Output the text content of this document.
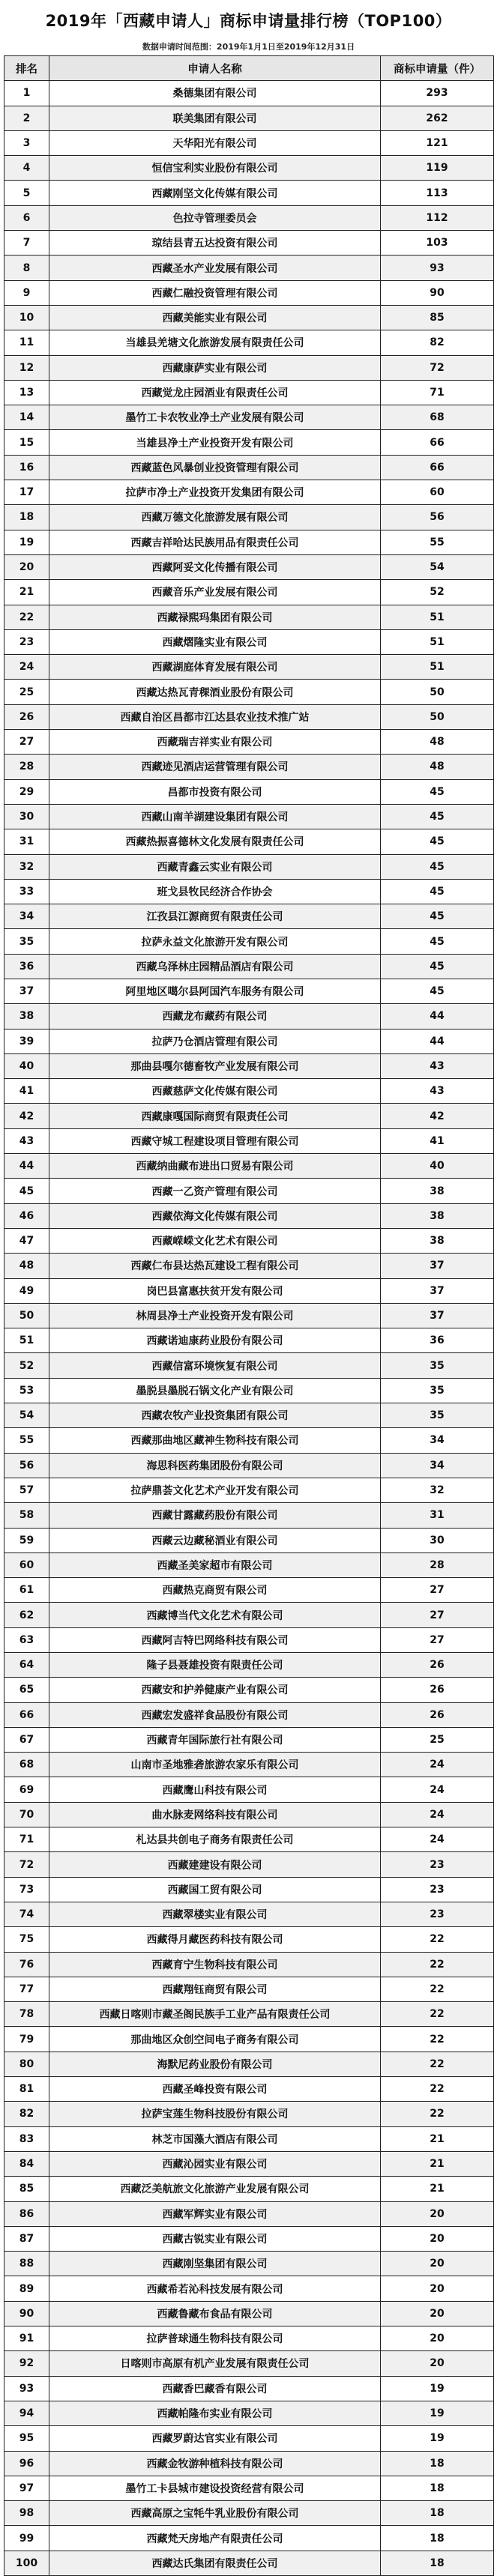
2019年「西藏申请人」商标申请量排行榜（TOP100）
数据申请时间范围：2019年1月1日至2019年12月31日
排名	申请人名称	商标申请量（件）
1	桑德集团有限公司	293
2	联美集团有限公司	262
3	天华阳光有限公司	121
4	恒信宝利实业股份有限公司	119
5	西藏刚坚文化传媒有限公司	113
6	色拉寺管理委员会	112
7	琼结县青五达投资有限公司	103
8	西藏圣水产业发展有限公司	93
9	西藏仁融投资管理有限公司	90
10	西藏美能实业有限公司	85
11	当雄县羌塘文化旅游发展有限责任公司	82
12	西藏康萨实业有限公司	72
13	西藏觉龙庄园酒业有限责任公司	71
14	墨竹工卡农牧业净土产业发展有限公司	68
15	当雄县净土产业投资开发有限公司	66
16	西藏蓝色风暴创业投资管理有限公司	66
17	拉萨市净土产业投资开发集团有限公司	60
18	西藏万德文化旅游发展有限公司	56
19	西藏吉祥哈达民族用品有限责任公司	55
20	西藏阿妥文化传播有限公司	54
21	西藏音乐产业发展有限公司	52
22	西藏禄熙玛集团有限公司	51
23	西藏熠隆实业有限公司	51
24	西藏湖庭体育发展有限公司	51
25	西藏达热瓦青稞酒业股份有限公司	50
26	西藏自治区昌都市江达县农业技术推广站	50
27	西藏瑞吉祥实业有限公司	48
28	西藏迹见酒店运营管理有限公司	48
29	昌都市投资有限公司	45
30	西藏山南羊湖建设集团有限公司	45
31	西藏热振喜德林文化发展有限责任公司	45
32	西藏青鑫云实业有限公司	45
33	班戈县牧民经济合作协会	45
34	江孜县江源商贸有限责任公司	45
35	拉萨永益文化旅游开发有限公司	45
36	西藏乌泽林庄园精品酒店有限公司	45
37	阿里地区噶尔县阿国汽车服务有限公司	45
38	西藏龙布藏药有限公司	44
39	拉萨乃仓酒店管理有限公司	44
40	那曲县嘎尔德畜牧产业发展有限公司	43
41	西藏慈萨文化传媒有限公司	43
42	西藏康嘎国际商贸有限责任公司	42
43	西藏守城工程建设项目管理有限公司	41
44	西藏纳曲藏布进出口贸易有限公司	40
45	西藏一乙资产管理有限公司	38
46	西藏依海文化传媒有限公司	38
47	西藏嵘嵘文化艺术有限公司	38
48	西藏仁布县达热瓦建设工程有限公司	37
49	岗巴县富惠扶贫开发有限公司	37
50	林周县净土产业投资开发有限公司	37
51	西藏诺迪康药业股份有限公司	36
52	西藏信富环境恢复有限公司	35
53	墨脱县墨脱石锅文化产业有限公司	35
54	西藏农牧产业投资集团有限公司	35
55	西藏那曲地区藏神生物科技有限公司	34
56	海思科医药集团股份有限公司	34
57	拉萨鼎荟文化艺术产业开发有限公司	32
58	西藏甘露藏药股份有限公司	31
59	西藏云边藏秘酒业有限公司	30
60	西藏圣美家超市有限公司	28
61	西藏热克商贸有限公司	27
62	西藏博当代文化艺术有限公司	27
63	西藏阿吉特巴网络科技有限公司	27
64	隆子县聂雄投资有限责任公司	26
65	西藏安和护养健康产业有限公司	26
66	西藏宏发盛祥食品股份有限公司	26
67	西藏青年国际旅行社有限公司	25
68	山南市圣地雅砻旅游农家乐有限公司	24
69	西藏鹰山科技有限公司	24
70	曲水脉麦网络科技有限公司	24
71	札达县共创电子商务有限责任公司	24
72	西藏建建设有限公司	23
73	西藏国工贸有限公司	23
74	西藏翠楼实业有限公司	23
75	西藏得月藏医药科技有限公司	22
76	西藏育宁生物科技有限公司	22
77	西藏翔钰商贸有限公司	22
78	西藏日喀则市藏圣阁民族手工业产品有限责任公司	22
79	那曲地区众创空间电子商务有限公司	22
80	海默尼药业股份有限公司	22
81	西藏圣峰投资有限公司	22
82	拉萨宝莲生物科技股份有限公司	22
83	林芝市国藻大酒店有限公司	21
84	西藏沁园实业有限公司	21
85	西藏泛美航旅文化旅游产业发展有限公司	21
86	西藏军辉实业有限公司	20
87	西藏古锐实业有限公司	20
88	西藏刚坚集团有限公司	20
89	西藏希若沁科技发展有限公司	20
90	西藏鲁藏布食品有限公司	20
91	拉萨普球通生物科技有限公司	20
92	日喀则市高原有机产业发展有限责任公司	20
93	西藏香巴藏香有限公司	19
94	西藏帕隆布实业有限公司	19
95	西藏罗蔚达官实业有限公司	19
96	西藏金牧游种植科技有限公司	18
97	墨竹工卡县城市建设投资经营有限公司	18
98	西藏高原之宝牦牛乳业股份有限公司	18
99	西藏梵天房地产有限责任公司	18
100	西藏达氏集团有限责任公司	18
